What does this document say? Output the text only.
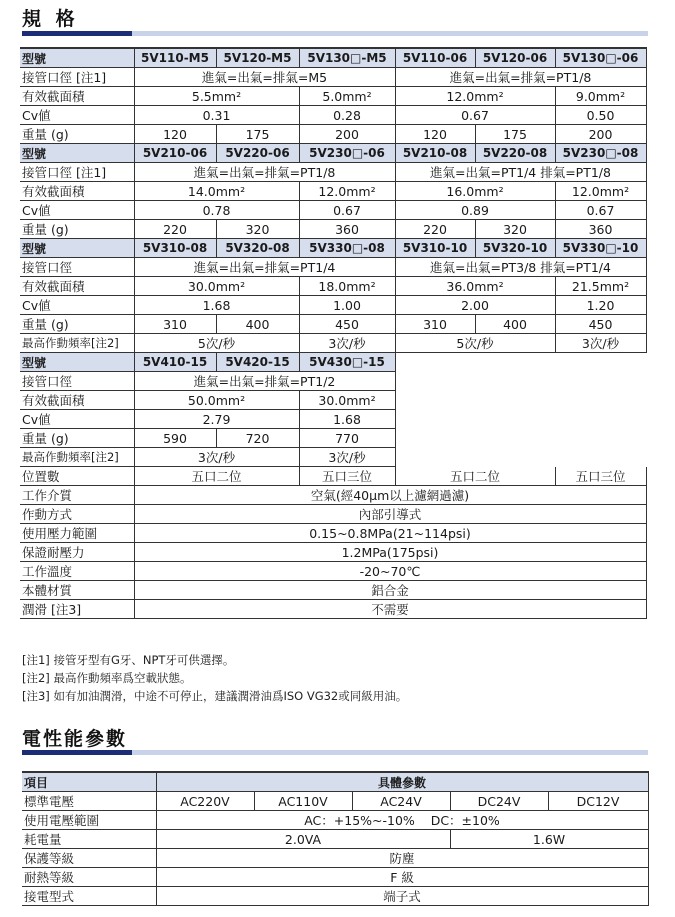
規 格
型號	5V110-M5	5V120-M5	5V130□-M5	5V110-06	5V120-06	5V130□-06
接管口徑 [注1]	進氣=出氣=排氣=M5			進氣=出氣=排氣=PT1/8		
有效截面積	5.5mm²		5.0mm²	12.0mm²		9.0mm²
Cv値	0.31		0.28	0.67		0.50
重量 (g)	120	175	200	120	175	200
型號	5V210-06	5V220-06	5V230□-06	5V210-08	5V220-08	5V230□-08
接管口徑 [注1]	進氣=出氣=排氣=PT1/8			進氣=出氣=PT1/4 排氣=PT1/8		
有效截面積	14.0mm²		12.0mm²	16.0mm²		12.0mm²
Cv値	0.78		0.67	0.89		0.67
重量 (g)	220	320	360	220	320	360
型號	5V310-08	5V320-08	5V330□-08	5V310-10	5V320-10	5V330□-10
接管口徑	進氣=出氣=排氣=PT1/4			進氣=出氣=PT3/8 排氣=PT1/4		
有效截面積	30.0mm²		18.0mm²	36.0mm²		21.5mm²
Cv値	1.68		1.00	2.00		1.20
重量 (g)	310	400	450	310	400	450
最高作動頻率[注2]	5次/秒		3次/秒	5次/秒		3次/秒
型號	5V410-15	5V420-15	5V430□-15			
接管口徑	進氣=出氣=排氣=PT1/2					
有效截面積	50.0mm²		30.0mm²			
Cv値	2.79		1.68			
重量 (g)	590	720	770			
最高作動頻率[注2]	3次/秒		3次/秒			
位置數	五口二位		五口三位	五口二位		五口三位
工作介質	空氣(經40μm以上濾網過濾)					
作動方式	內部引導式					
使用壓力範圍	0.15~0.8MPa(21~114psi)					
保證耐壓力	1.2MPa(175psi)					
工作溫度	-20~70℃					
本體材質	鋁合金					
潤滑 [注3]	不需要					
[注1] 接管牙型有G牙、NPT牙可供選擇。
[注2] 最高作動頻率爲空載狀態。
[注3] 如有加油潤滑，中途不可停止，建議潤滑油爲ISO VG32或同級用油。
電性能參數
項目	具體參數				
標準電壓	AC220V	AC110V	AC24V	DC24V	DC12V
使用電壓範圍	AC：+15%~-10%    DC：±10%				
耗電量	2.0VA			1.6W	
保護等級	防塵				
耐熱等級	F 級				
接電型式	端子式				
